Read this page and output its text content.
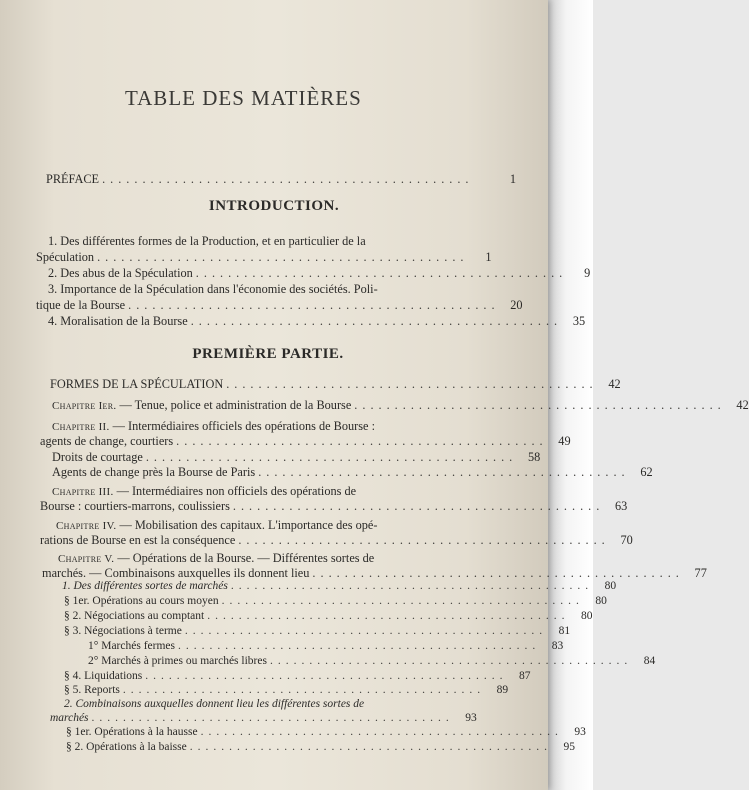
TABLE DES MATIÈRES
PRÉFACE ..............................................	1
INTRODUCTION.
1. Des différentes formes de la Production, et en particulier de la
Spéculation ..............................................	1
2. Des abus de la Spéculation ..............................................	9
3. Importance de la Spéculation dans l'économie des sociétés. Poli-
tique de la Bourse .............................................. 20
4. Moralisation de la Bourse .............................................. 35
PREMIÈRE PARTIE.
FORMES DE LA SPÉCULATION .............................................. 42
Chapitre Ier. — Tenue, police et administration de la Bourse .............................................. 42
Chapitre II. — Intermédiaires officiels des opérations de Bourse :
agents de change, courtiers .............................................. 49
Droits de courtage .............................................. 58
Agents de change près la Bourse de Paris .............................................. 62
Chapitre III. — Intermédiaires non officiels des opérations de
Bourse : courtiers-marrons, coulissiers .............................................. 63
Chapitre IV. — Mobilisation des capitaux. L'importance des opé-
rations de Bourse en est la conséquence .............................................. 70
Chapitre V. — Opérations de la Bourse. — Différentes sortes de
marchés. — Combinaisons auxquelles ils donnent lieu .............................................. 77
1. Des différentes sortes de marchés ..............................................	80
§ 1er. Opérations au cours moyen ..............................................	80
§ 2. Négociations au comptant ..............................................	80
§ 3. Négociations à terme ..............................................	81
1° Marchés fermes ..............................................	83
2° Marchés à primes ou marchés libres ..............................................	84
§ 4. Liquidations ..............................................	87
§ 5. Reports ..............................................	89
2. Combinaisons auxquelles donnent lieu les différentes sortes de
marchés ..............................................	93
§ 1er. Opérations à la hausse ..............................................	93
§ 2. Opérations à la baisse ..............................................	95
